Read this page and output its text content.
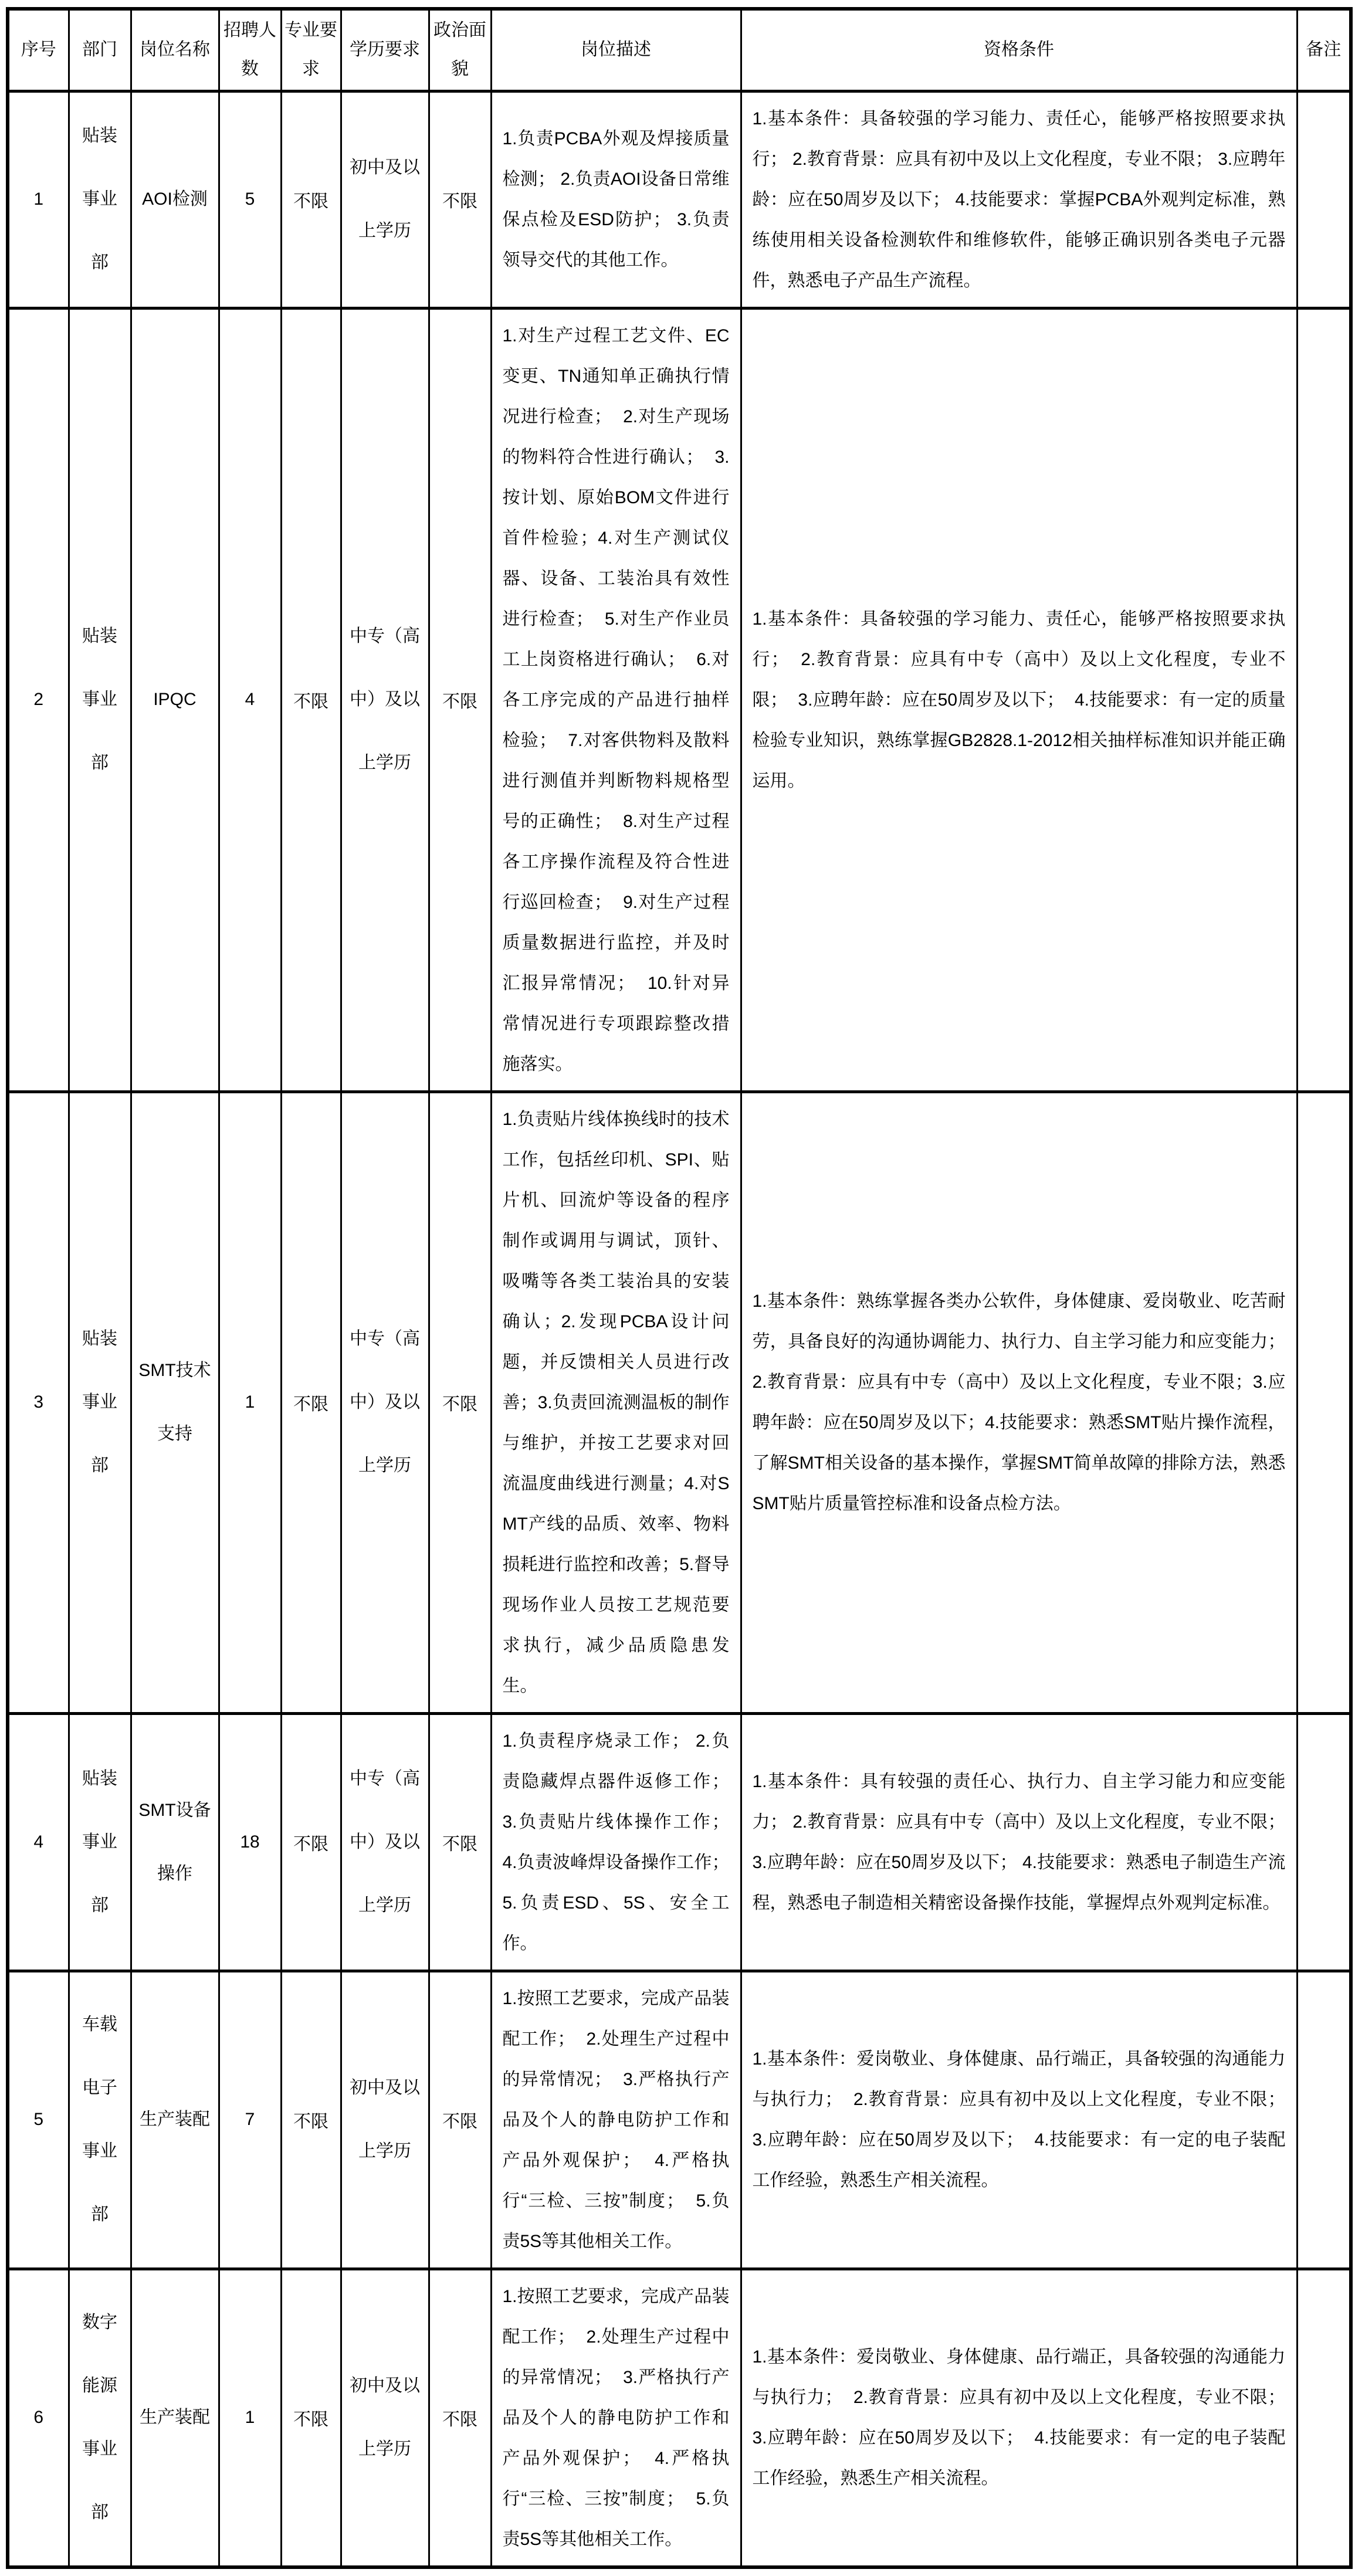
序号	部门	岗位名称	招聘人数	专业要求	学历要求	政治面貌	岗位描述	资格条件	备注
1	贴装事业部	AOI检测	5	不限	初中及以上学历	不限	1.负责PCBA外观及焊接质量检测； 2.负责AOI设备日常维保点检及ESD防护； 3.负责领导交代的其他工作。	1.基本条件：具备较强的学习能力、责任心，能够严格按照要求执行； 2.教育背景：应具有初中及以上文化程度，专业不限； 3.应聘年龄：应在50周岁及以下； 4.技能要求：掌握PCBA外观判定标准，熟练使用相关设备检测软件和维修软件，能够正确识别各类电子元器件，熟悉电子产品生产流程。	
2	贴装事业部	IPQC	4	不限	中专（高中）及以上学历	不限	1.对生产过程工艺文件、EC变更、TN通知单正确执行情况进行检查；  2.对生产现场的物料符合性进行确认；  3.按计划、原始BOM文件进行首件检验；4.对生产测试仪器、设备、工装治具有效性进行检查；  5.对生产作业员工上岗资格进行确认；  6.对各工序完成的产品进行抽样检验；  7.对客供物料及散料进行测值并判断物料规格型号的正确性；  8.对生产过程各工序操作流程及符合性进行巡回检查；  9.对生产过程质量数据进行监控，并及时汇报异常情况；  10.针对异常情况进行专项跟踪整改措施落实。	1.基本条件：具备较强的学习能力、责任心，能够严格按照要求执行；  2.教育背景：应具有中专（高中）及以上文化程度，专业不限；  3.应聘年龄：应在50周岁及以下；  4.技能要求：有一定的质量检验专业知识，熟练掌握GB2828.1-2012相关抽样标准知识并能正确运用。	
3	贴装事业部	SMT技术支持	1	不限	中专（高中）及以上学历	不限	1.负责贴片线体换线时的技术工作，包括丝印机、SPI、贴片机、回流炉等设备的程序制作或调用与调试，顶针、吸嘴等各类工装治具的安装确认；2.发现PCBA设计问题，并反馈相关人员进行改善；3.负责回流测温板的制作与维护，并按工艺要求对回流温度曲线进行测量；4.对SMT产线的品质、效率、物料损耗进行监控和改善；5.督导现场作业人员按工艺规范要求执行，减少品质隐患发生。	1.基本条件：熟练掌握各类办公软件，身体健康、爱岗敬业、吃苦耐劳，具备良好的沟通协调能力、执行力、自主学习能力和应变能力；2.教育背景：应具有中专（高中）及以上文化程度，专业不限；3.应聘年龄：应在50周岁及以下；4.技能要求：熟悉SMT贴片操作流程，了解SMT相关设备的基本操作，掌握SMT简单故障的排除方法，熟悉SMT贴片质量管控标准和设备点检方法。	
4	贴装事业部	SMT设备操作	18	不限	中专（高中）及以上学历	不限	1.负责程序烧录工作； 2.负责隐藏焊点器件返修工作； 3.负责贴片线体操作工作； 4.负责波峰焊设备操作工作； 5.负责ESD、5S、安全工作。	1.基本条件：具有较强的责任心、执行力、自主学习能力和应变能力； 2.教育背景：应具有中专（高中）及以上文化程度，专业不限； 3.应聘年龄：应在50周岁及以下； 4.技能要求：熟悉电子制造生产流程，熟悉电子制造相关精密设备操作技能，掌握焊点外观判定标准。	
5	车载电子事业部	生产装配	7	不限	初中及以上学历	不限	1.按照工艺要求，完成产品装配工作；  2.处理生产过程中的异常情况；  3.严格执行产品及个人的静电防护工作和产品外观保护；  4.严格执行“三检、三按”制度；  5.负责5S等其他相关工作。	1.基本条件：爱岗敬业、身体健康、品行端正，具备较强的沟通能力与执行力；  2.教育背景：应具有初中及以上文化程度，专业不限；  3.应聘年龄：应在50周岁及以下；  4.技能要求：有一定的电子装配工作经验，熟悉生产相关流程。	
6	数字能源事业部	生产装配	1	不限	初中及以上学历	不限	1.按照工艺要求，完成产品装配工作；  2.处理生产过程中的异常情况；  3.严格执行产品及个人的静电防护工作和产品外观保护；  4.严格执行“三检、三按”制度；  5.负责5S等其他相关工作。	1.基本条件：爱岗敬业、身体健康、品行端正，具备较强的沟通能力与执行力；  2.教育背景：应具有初中及以上文化程度，专业不限；  3.应聘年龄：应在50周岁及以下；  4.技能要求：有一定的电子装配工作经验，熟悉生产相关流程。	
